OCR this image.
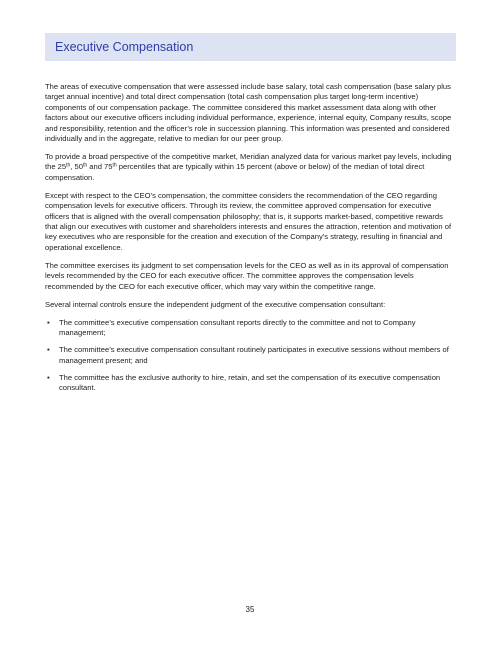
Executive Compensation

The areas of executive compensation that were assessed include base salary, total cash compensation (base salary plus target annual incentive) and total direct compensation (total cash compensation plus target long-term incentive) components of our compensation package. The committee considered this market assessment data along with other factors about our executive officers including individual performance, experience, internal equity, Company results, scope and responsibility, retention and the officer’s role in succession planning. This information was presented and considered individually and in the aggregate, relative to median for our peer group.

To provide a broad perspective of the competitive market, Meridian analyzed data for various market pay levels, including the 25th, 50th and 75th percentiles that are typically within 15 percent (above or below) of the median of total direct compensation.

Except with respect to the CEO’s compensation, the committee considers the recommendation of the CEO regarding compensation levels for executive officers. Through its review, the committee approved compensation for executive officers that is aligned with the overall compensation philosophy; that is, it supports market-based, competitive rewards that align our executives with customer and shareholders interests and ensures the attraction, retention and motivation of key executives who are responsible for the creation and execution of the Company’s strategy, resulting in financial and operational excellence.

The committee exercises its judgment to set compensation levels for the CEO as well as in its approval of compensation levels recommended by the CEO for each executive officer. The committee approves the compensation levels recommended by the CEO for each executive officer, which may vary within the competitive range.

Several internal controls ensure the independent judgment of the executive compensation consultant:

▪ The committee’s executive compensation consultant reports directly to the committee and not to Company management;
▪ The committee’s executive compensation consultant routinely participates in executive sessions without members of management present; and
▪ The committee has the exclusive authority to hire, retain, and set the compensation of its executive compensation consultant.
35
